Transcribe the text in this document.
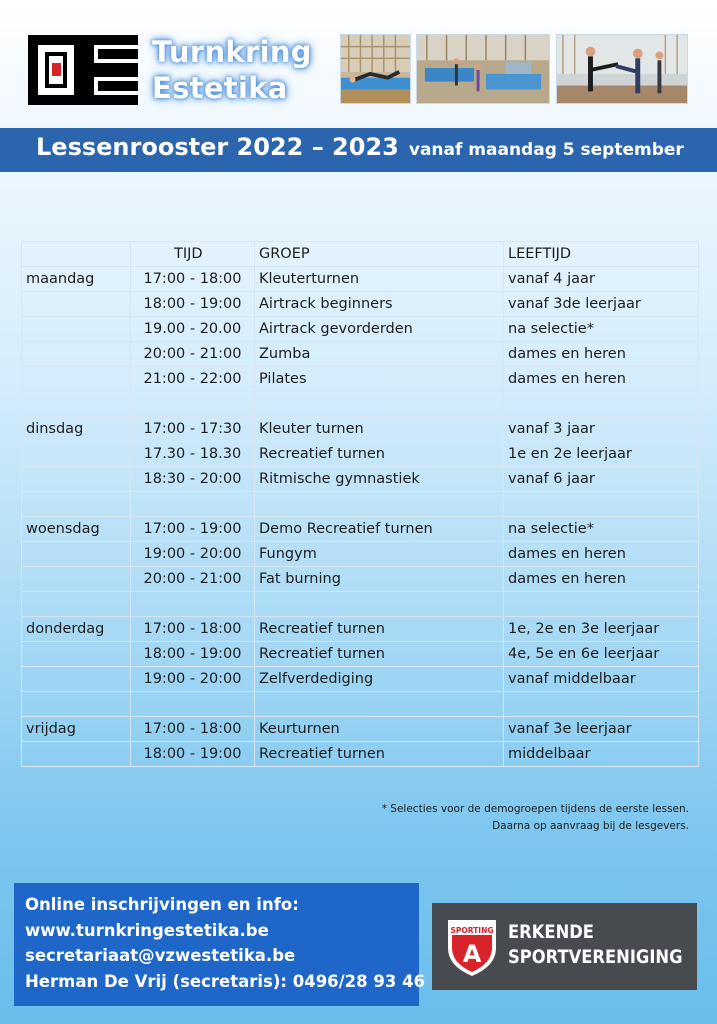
Turnkring
Estetika
Lessenrooster 2022 – 2023 vanaf maandag 5 september
	TIJD	GROEP	LEEFTIJD
maandag	17:00 - 18:00	Kleuterturnen	vanaf 4 jaar
	18:00 - 19:00	Airtrack beginners	vanaf 3de leerjaar
	19.00 - 20.00	Airtrack gevorderden	na selectie*
	20:00 - 21:00	Zumba	dames en heren
	21:00 - 22:00	Pilates	dames en heren

dinsdag	17:00 - 17:30	Kleuter turnen	vanaf 3 jaar
	17.30 - 18.30	Recreatief turnen	1e en 2e leerjaar
	18:30 - 20:00	Ritmische gymnastiek	vanaf 6 jaar

woensdag	17:00 - 19:00	Demo Recreatief turnen	na selectie*
	19:00 - 20:00	Fungym	dames en heren
	20:00 - 21:00	Fat burning	dames en heren

donderdag	17:00 - 18:00	Recreatief turnen	1e, 2e en 3e leerjaar
	18:00 - 19:00	Recreatief turnen	4e, 5e en 6e leerjaar
	19:00 - 20:00	Zelfverdediging	vanaf middelbaar

vrijdag	17:00 - 18:00	Keurturnen	vanaf 3e leerjaar
	18:00 - 19:00	Recreatief turnen	middelbaar
* Selecties voor de demogroepen tijdens de eerste lessen.
Daarna op aanvraag bij de lesgevers.
Online inschrijvingen en info:
www.turnkringestetika.be
secretariaat@vzwestetika.be
Herman De Vrij (secretaris): 0496/28 93 46
SPORTING
A
ERKENDE
SPORTVERENIGING
